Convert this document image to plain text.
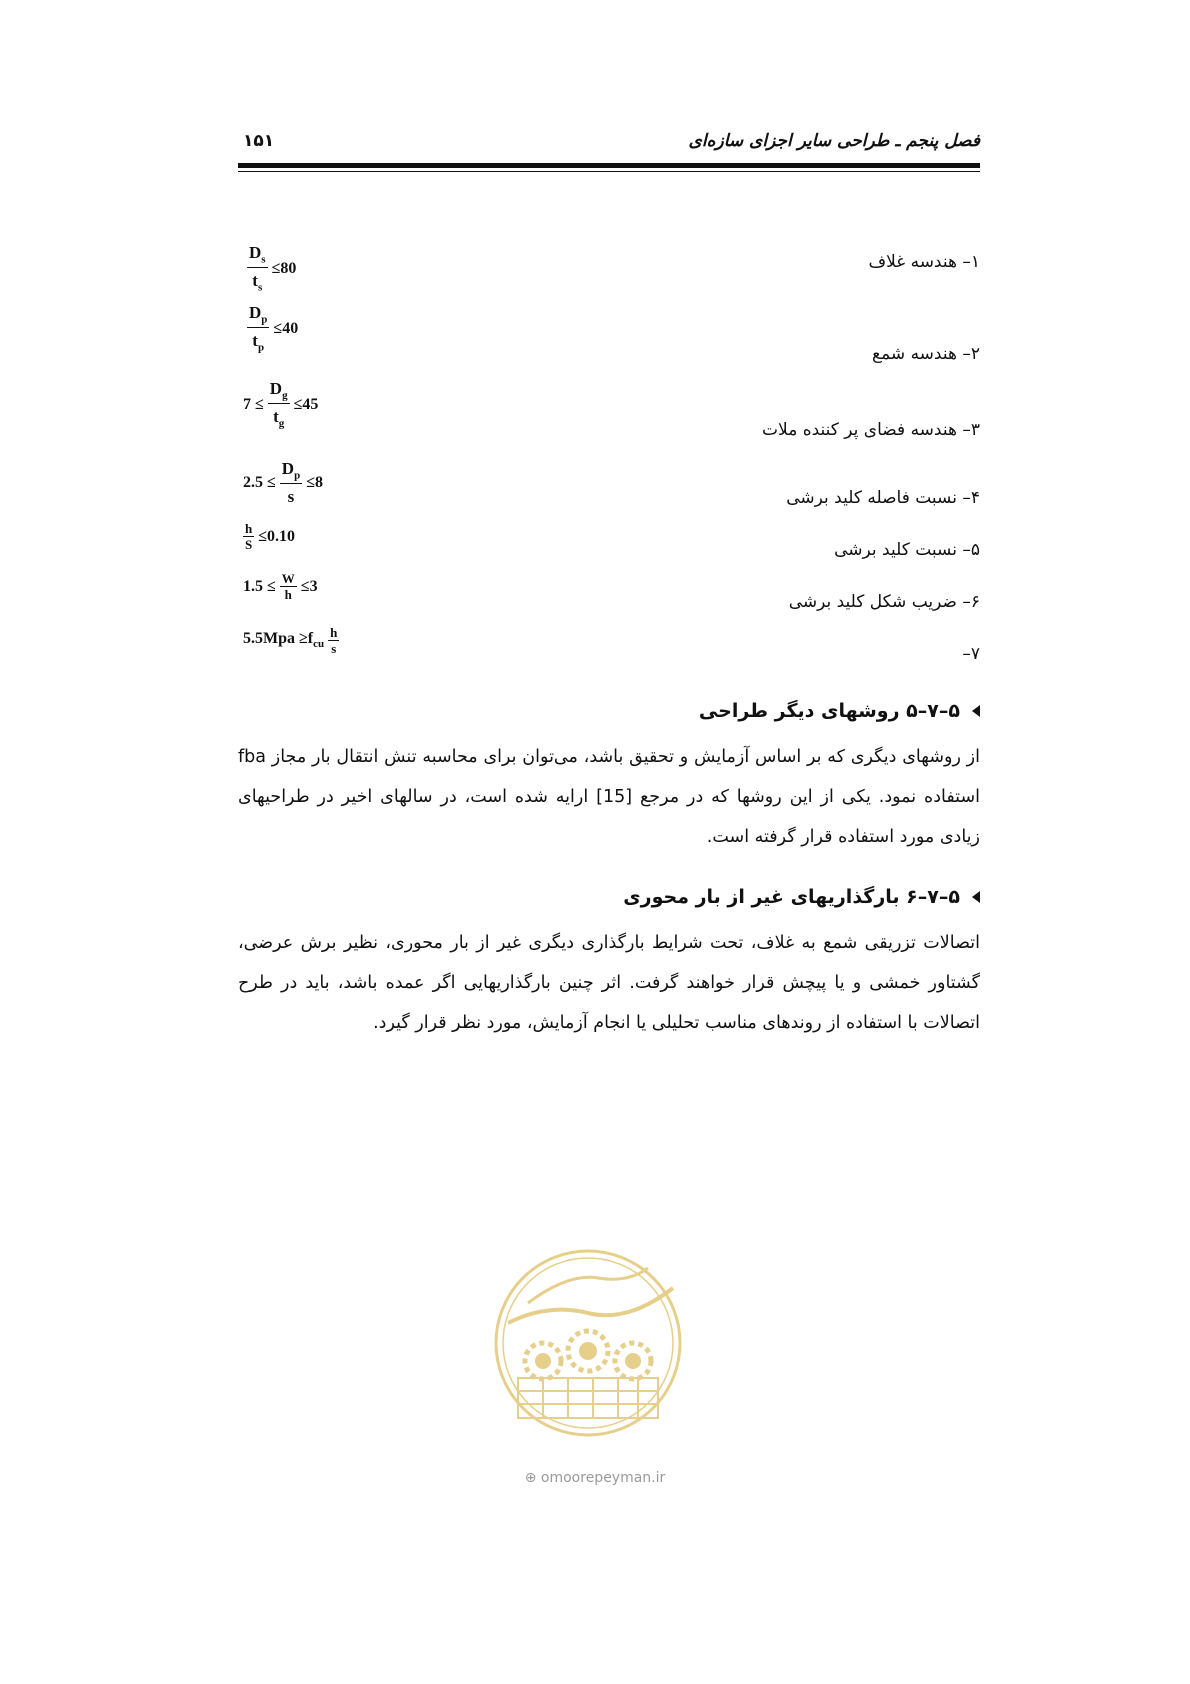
فصل پنجم ـ طراحی سایر اجزای سازه‌ای
۱۵۱
۱– هندسه غلاف
۲– هندسه شمع
۳– هندسه فضای پر کننده ملات
۴– نسبت فاصله کلید برشی
۵– نسبت کلید برشی
۶– ضریب شکل کلید برشی
۷–
$\frac{D_s}{t_s} \le 80$
$\frac{D_p}{t_p} \le 40$
$7 \le \frac{D_g}{t_g} \le 45$
$2.5 \le \frac{D_p}{s} \le 8$
$\frac{h}{S} \le 0.10$
$1.5 \le \frac{W}{h} \le 3$
$5.5Mpa \ge f_{cu} \frac{h}{s}$
۵–۷–۵ روشهای دیگر طراحی
از روشهای دیگری که بر اساس آزمایش و تحقیق باشد، می‌توان برای محاسبه تنش انتقال بار مجاز fba استفاده نمود. یکی از این روشها که در مرجع [15] ارایه شده است، در سالهای اخیر در طراحیهای زیادی مورد استفاده قرار گرفته است.
۵–۷–۶ بارگذاریهای غیر از بار محوری
اتصالات تزریقی شمع به غلاف، تحت شرایط بارگذاری دیگری غیر از بار محوری، نظیر برش عرضی، گشتاور خمشی و یا پیچش قرار خواهند گرفت. اثر چنین بارگذاریهایی اگر عمده باشد، باید در طرح اتصالات با استفاده از روندهای مناسب تحلیلی یا انجام آزمایش، مورد نظر قرار گیرد.
⊕ omoorepeyman.ir
